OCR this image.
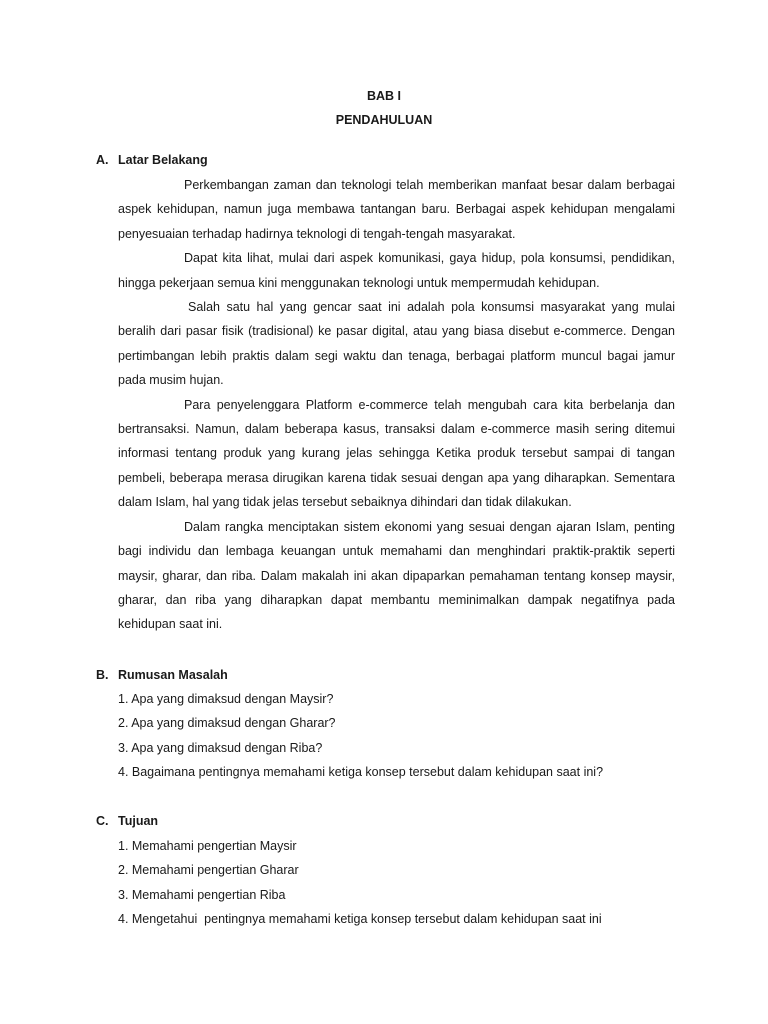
BAB I
PENDAHULUAN
A. Latar Belakang

Perkembangan zaman dan teknologi telah memberikan manfaat besar dalam berbagai aspek kehidupan, namun juga membawa tantangan baru. Berbagai aspek kehidupan mengalami penyesuaian terhadap hadirnya teknologi di tengah-tengah masyarakat.

Dapat kita lihat, mulai dari aspek komunikasi, gaya hidup, pola konsumsi, pendidikan, hingga pekerjaan semua kini menggunakan teknologi untuk mempermudah kehidupan.

Salah satu hal yang gencar saat ini adalah pola konsumsi masyarakat yang mulai beralih dari pasar fisik (tradisional) ke pasar digital, atau yang biasa disebut e-commerce. Dengan pertimbangan lebih praktis dalam segi waktu dan tenaga, berbagai platform muncul bagai jamur pada musim hujan.

Para penyelenggara Platform e-commerce telah mengubah cara kita berbelanja dan bertransaksi. Namun, dalam beberapa kasus, transaksi dalam e-commerce masih sering ditemui informasi tentang produk yang kurang jelas sehingga Ketika produk tersebut sampai di tangan pembeli, beberapa merasa dirugikan karena tidak sesuai dengan apa yang diharapkan. Sementara dalam Islam, hal yang tidak jelas tersebut sebaiknya dihindari dan tidak dilakukan.

Dalam rangka menciptakan sistem ekonomi yang sesuai dengan ajaran Islam, penting bagi individu dan lembaga keuangan untuk memahami dan menghindari praktik-praktik seperti maysir, gharar, dan riba. Dalam makalah ini akan dipaparkan pemahaman tentang konsep maysir, gharar, dan riba yang diharapkan dapat membantu meminimalkan dampak negatifnya pada kehidupan saat ini.

B. Rumusan Masalah
1. Apa yang dimaksud dengan Maysir?
2. Apa yang dimaksud dengan Gharar?
3. Apa yang dimaksud dengan Riba?
4. Bagaimana pentingnya memahami ketiga konsep tersebut dalam kehidupan saat ini?
C. Tujuan
1. Memahami pengertian Maysir
2. Memahami pengertian Gharar
3. Memahami pengertian Riba
4. Mengetahui  pentingnya memahami ketiga konsep tersebut dalam kehidupan saat ini
